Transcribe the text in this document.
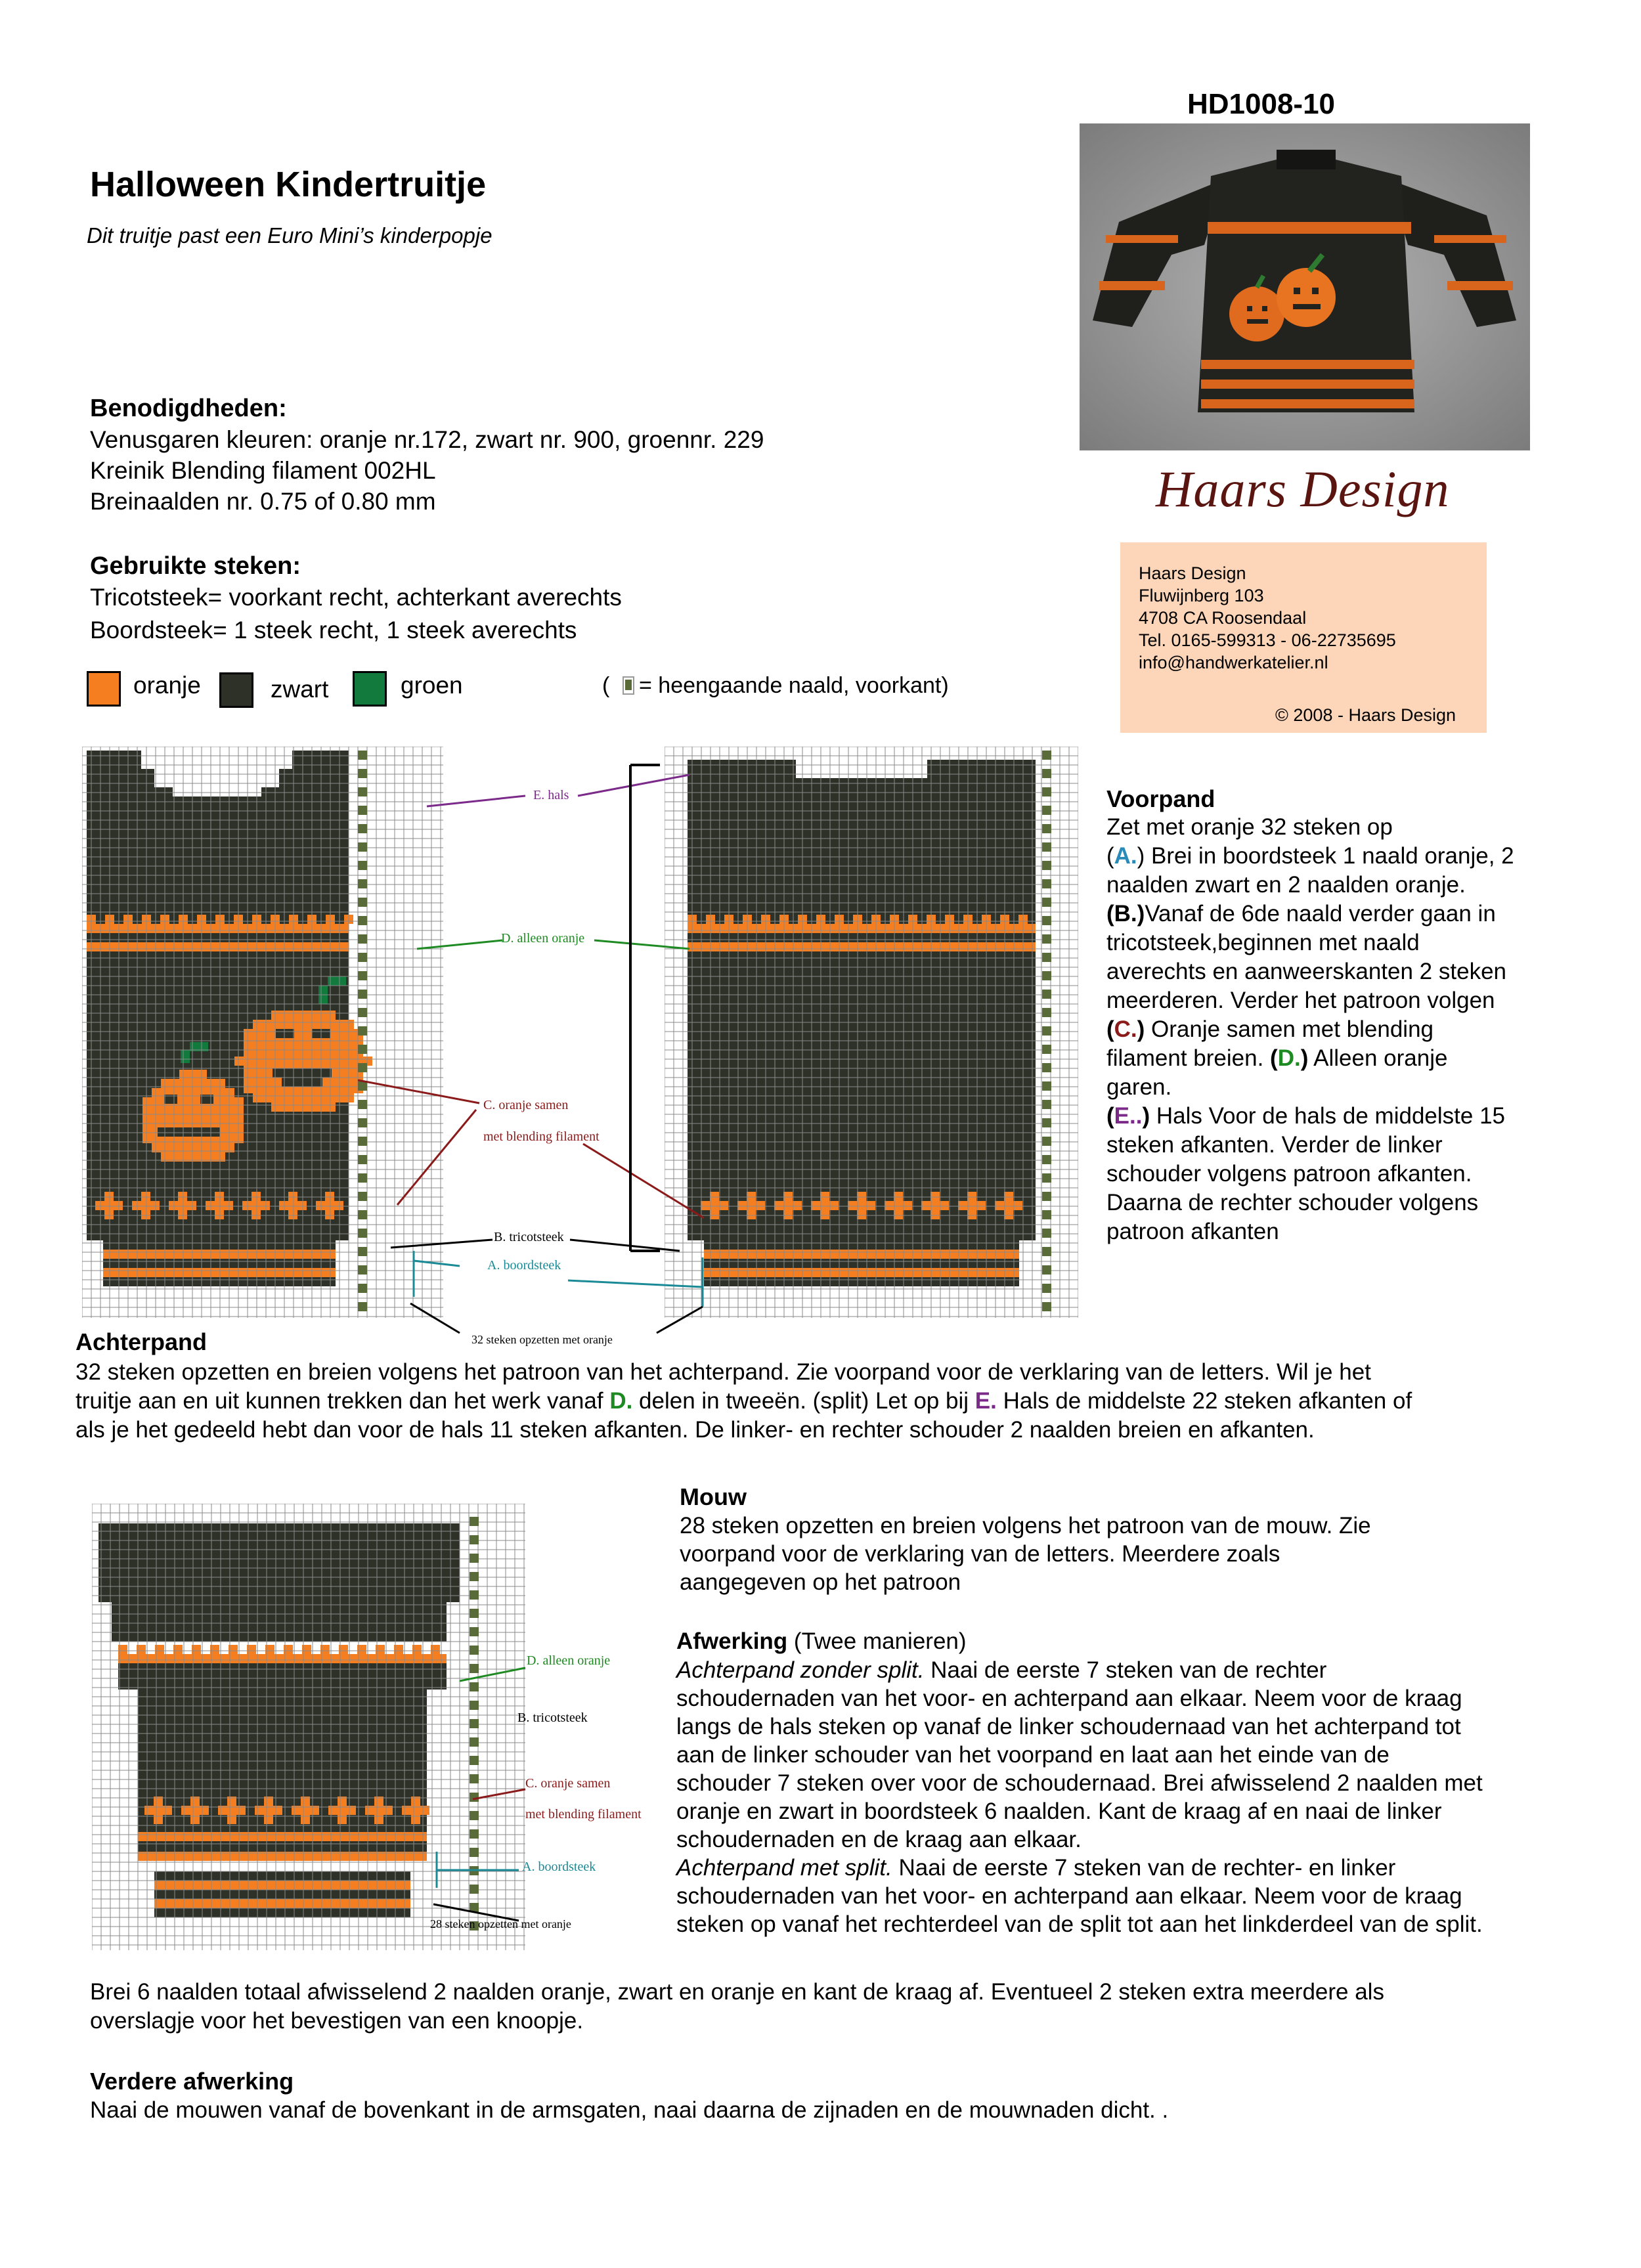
HD1008-10
Halloween Kindertruitje
Dit truitje past een Euro Mini’s kinderpopje
Haars Design
Haars Design
Fluwijnberg 103
4708 CA Roosendaal
Tel. 0165-599313 - 06-22735695
info@handwerkatelier.nl
© 2008 - Haars Design
Benodigdheden:
Venusgaren kleuren: oranje nr.172, zwart nr. 900, groennr. 229
Kreinik Blending filament 002HL
Breinaalden nr. 0.75 of 0.80 mm
Gebruikte steken:
Tricotsteek= voorkant recht, achterkant averechts
Boordsteek= 1 steek recht, 1 steek averechts
oranje	zwart	groen	( = heengaande naald, voorkant)
E. hals
D. alleen oranje
C. oranje samen
met blending filament
B. tricotsteek
A. boordsteek
32 steken opzetten met oranje
D. alleen oranje
B. tricotsteek
C. oranje samen
met blending filament
A. boordsteek
28 steken opzetten met oranje
Voorpand
Zet met oranje 32 steken op
(A.) Brei in boordsteek 1 naald oranje, 2
naalden zwart en 2 naalden oranje.
(B.)Vanaf de 6de naald verder gaan in
tricotsteek,beginnen met naald
averechts en aanweerskanten 2 steken
meerderen. Verder het patroon volgen
(C.) Oranje samen met blending
filament breien. (D.) Alleen oranje
garen.
(E..) Hals Voor de hals de middelste 15
steken afkanten. Verder de linker
schouder volgens patroon afkanten.
Daarna de rechter schouder volgens
patroon afkanten
Achterpand
32 steken opzetten en breien volgens het patroon van het achterpand. Zie voorpand voor de verklaring van de letters. Wil je het
truitje aan en uit kunnen trekken dan het werk vanaf D. delen in tweeën. (split) Let op bij E. Hals de middelste 22 steken afkanten of
als je het gedeeld hebt dan voor de hals 11 steken afkanten. De linker- en rechter schouder 2 naalden breien en afkanten.
Mouw
28 steken opzetten en breien volgens het patroon van de mouw. Zie
voorpand voor de verklaring van de letters. Meerdere zoals
aangegeven op het patroon
Afwerking (Twee manieren)
Achterpand zonder split. Naai de eerste 7 steken van de rechter
schoudernaden van het voor- en achterpand aan elkaar. Neem voor de kraag
langs de hals steken op vanaf de linker schoudernaad van het achterpand tot
aan de linker schouder van het voorpand en laat aan het einde van de
schouder 7 steken over voor de schoudernaad. Brei afwisselend 2 naalden met
oranje en zwart in boordsteek 6 naalden. Kant de kraag af en naai de linker
schoudernaden en de kraag aan elkaar.
Achterpand met split. Naai de eerste 7 steken van de rechter- en linker
schoudernaden van het voor- en achterpand aan elkaar. Neem voor de kraag
steken op vanaf het rechterdeel van de split tot aan het linkderdeel van de split.
Brei 6 naalden totaal afwisselend 2 naalden oranje, zwart en oranje en kant de kraag af. Eventueel 2 steken extra meerdere als
overslagje voor het bevestigen van een knoopje.
Verdere afwerking
Naai de mouwen vanaf de bovenkant in de armsgaten, naai daarna de zijnaden en de mouwnaden dicht. .
